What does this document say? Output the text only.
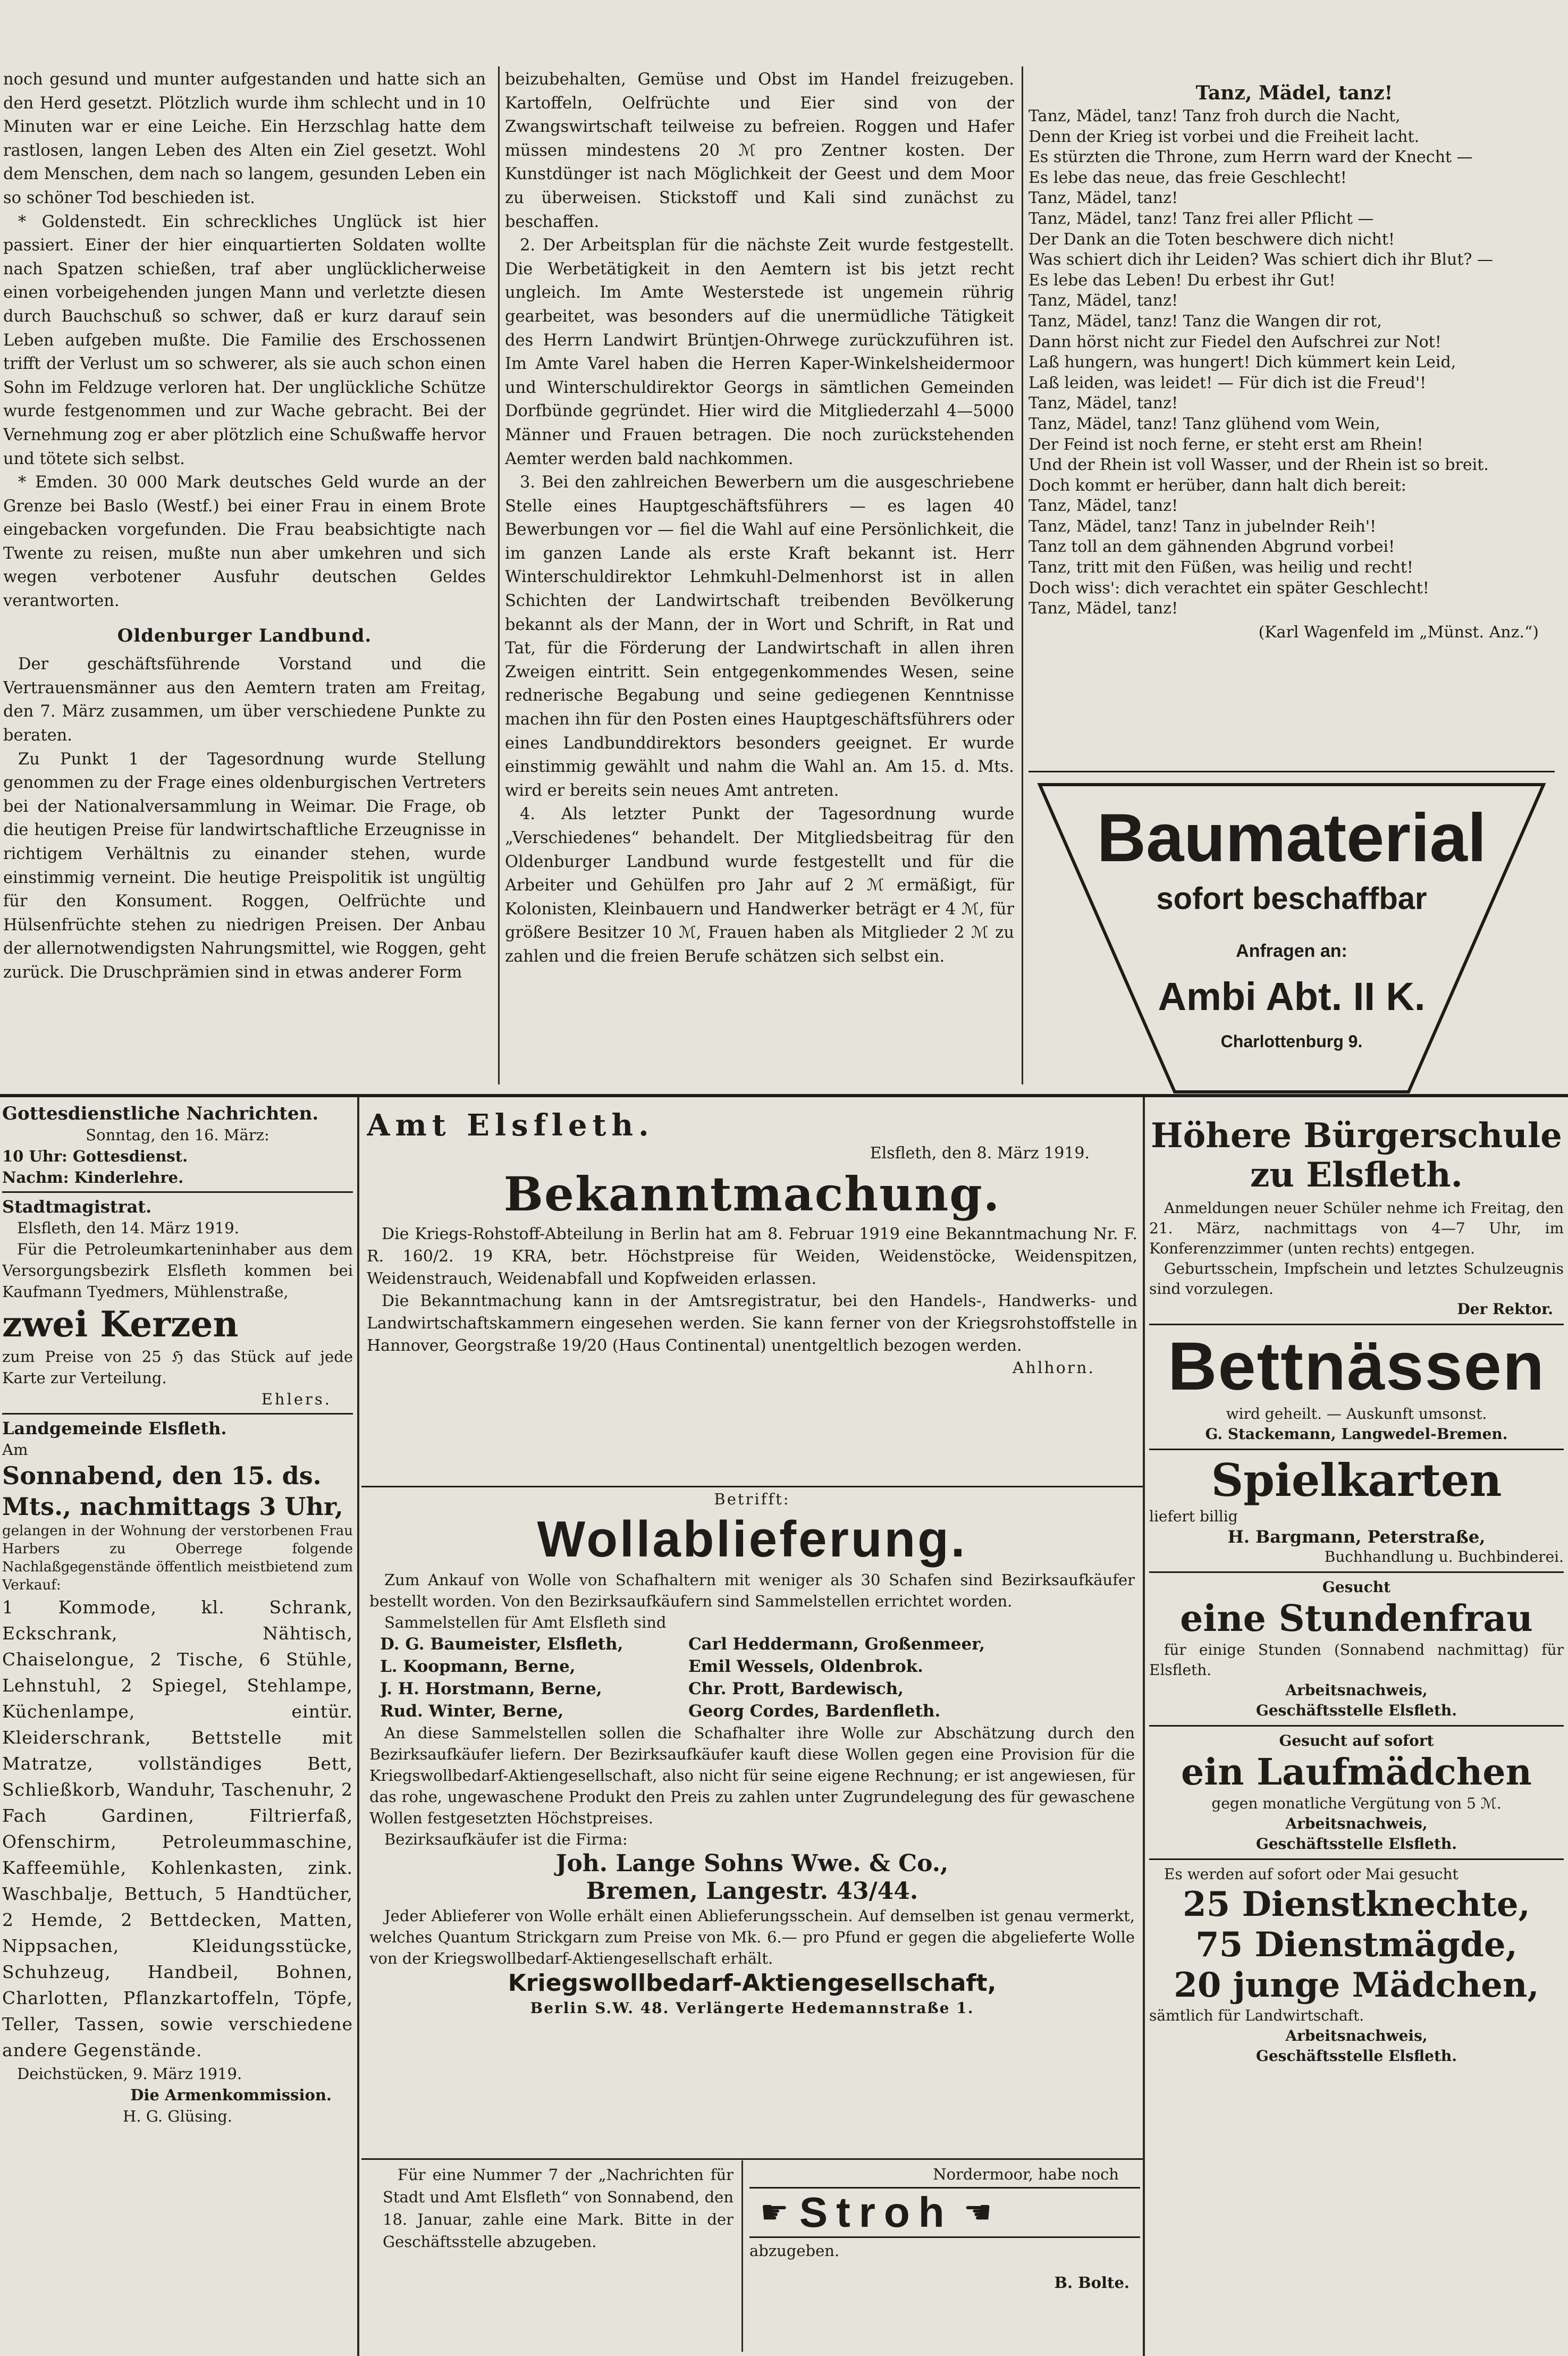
noch gesund und munter aufgestanden und hatte sich an den Herd gesetzt. Plötzlich wurde ihm schlecht und in 10 Minuten war er eine Leiche. Ein Herzschlag hatte dem rastlosen, langen Leben des Alten ein Ziel gesetzt. Wohl dem Menschen, dem nach so langem, gesunden Leben ein so schöner Tod beschieden ist.

* Goldenstedt. Ein schreckliches Unglück ist hier passiert. Einer der hier einquartierten Soldaten wollte nach Spatzen schießen, traf aber unglücklicherweise einen vorbeigehenden jungen Mann und verletzte diesen durch Bauchschuß so schwer, daß er kurz darauf sein Leben aufgeben mußte. Die Familie des Erschossenen trifft der Verlust um so schwerer, als sie auch schon einen Sohn im Feldzuge verloren hat. Der unglückliche Schütze wurde festgenommen und zur Wache gebracht. Bei der Vernehmung zog er aber plötzlich eine Schußwaffe hervor und tötete sich selbst.

* Emden. 30 000 Mark deutsches Geld wurde an der Grenze bei Baslo (Westf.) bei einer Frau in einem Brote eingebacken vorgefunden. Die Frau beabsichtigte nach Twente zu reisen, mußte nun aber umkehren und sich wegen verbotener Ausfuhr deutschen Geldes verantworten.

Oldenburger Landbund.

Der geschäftsführende Vorstand und die Vertrauensmänner aus den Aemtern traten am Freitag, den 7. März zusammen, um über verschiedene Punkte zu beraten.

Zu Punkt 1 der Tagesordnung wurde Stellung genommen zu der Frage eines oldenburgischen Vertreters bei der Nationalversammlung in Weimar. Die Frage, ob die heutigen Preise für landwirtschaftliche Erzeugnisse in richtigem Verhältnis zu einander stehen, wurde einstimmig verneint. Die heutige Preispolitik ist ungültig für den Konsument. Roggen, Oelfrüchte und Hülsenfrüchte stehen zu niedrigen Preisen. Der Anbau der allernotwendigsten Nahrungsmittel, wie Roggen, geht zurück. Die Druschprämien sind in etwas anderer Form

beizubehalten, Gemüse und Obst im Handel freizugeben. Kartoffeln, Oelfrüchte und Eier sind von der Zwangswirtschaft teilweise zu befreien. Roggen und Hafer müssen mindestens 20 ℳ pro Zentner kosten. Der Kunstdünger ist nach Möglichkeit der Geest und dem Moor zu überweisen. Stickstoff und Kali sind zunächst zu beschaffen.

2. Der Arbeitsplan für die nächste Zeit wurde festgestellt. Die Werbetätigkeit in den Aemtern ist bis jetzt recht ungleich. Im Amte Westerstede ist ungemein rührig gearbeitet, was besonders auf die unermüdliche Tätigkeit des Herrn Landwirt Brüntjen-Ohrwege zurückzuführen ist. Im Amte Varel haben die Herren Kaper-Winkelsheidermoor und Winterschuldirektor Georgs in sämtlichen Gemeinden Dorfbünde gegründet. Hier wird die Mitgliederzahl 4—5000 Männer und Frauen betragen. Die noch zurückstehenden Aemter werden bald nachkommen.

3. Bei den zahlreichen Bewerbern um die ausgeschriebene Stelle eines Hauptgeschäftsführers — es lagen 40 Bewerbungen vor — fiel die Wahl auf eine Persönlichkeit, die im ganzen Lande als erste Kraft bekannt ist. Herr Winterschuldirektor Lehmkuhl-Delmenhorst ist in allen Schichten der Landwirtschaft treibenden Bevölkerung bekannt als der Mann, der in Wort und Schrift, in Rat und Tat, für die Förderung der Landwirtschaft in allen ihren Zweigen eintritt. Sein entgegenkommendes Wesen, seine rednerische Begabung und seine gediegenen Kenntnisse machen ihn für den Posten eines Hauptgeschäftsführers oder eines Landbunddirektors besonders geeignet. Er wurde einstimmig gewählt und nahm die Wahl an. Am 15. d. Mts. wird er bereits sein neues Amt antreten.

4. Als letzter Punkt der Tagesordnung wurde „Verschiedenes“ behandelt. Der Mitgliedsbeitrag für den Oldenburger Landbund wurde festgestellt und für die Arbeiter und Gehülfen pro Jahr auf 2 ℳ ermäßigt, für Kolonisten, Kleinbauern und Handwerker beträgt er 4 ℳ, für größere Besitzer 10 ℳ, Frauen haben als Mitglieder 2 ℳ zu zahlen und die freien Berufe schätzen sich selbst ein.

Tanz, Mädel, tanz!
Tanz, Mädel, tanz! Tanz froh durch die Nacht,
Denn der Krieg ist vorbei und die Freiheit lacht.
Es stürzten die Throne, zum Herrn ward der Knecht —
Es lebe das neue, das freie Geschlecht!
Tanz, Mädel, tanz!
Tanz, Mädel, tanz! Tanz frei aller Pflicht —
Der Dank an die Toten beschwere dich nicht!
Was schiert dich ihr Leiden? Was schiert dich ihr Blut? —
Es lebe das Leben! Du erbest ihr Gut!
Tanz, Mädel, tanz!
Tanz, Mädel, tanz! Tanz die Wangen dir rot,
Dann hörst nicht zur Fiedel den Aufschrei zur Not!
Laß hungern, was hungert! Dich kümmert kein Leid,
Laß leiden, was leidet! — Für dich ist die Freud'!
Tanz, Mädel, tanz!
Tanz, Mädel, tanz! Tanz glühend vom Wein,
Der Feind ist noch ferne, er steht erst am Rhein!
Und der Rhein ist voll Wasser, und der Rhein ist so breit.
Doch kommt er herüber, dann halt dich bereit:
Tanz, Mädel, tanz!
Tanz, Mädel, tanz! Tanz in jubelnder Reih'!
Tanz toll an dem gähnenden Abgrund vorbei!
Tanz, tritt mit den Füßen, was heilig und recht!
Doch wiss': dich verachtet ein später Geschlecht!
Tanz, Mädel, tanz!
(Karl Wagenfeld im „Münst. Anz.“)
Baumaterial
sofort beschaffbar
Anfragen an:
Ambi Abt. II K.
Charlottenburg 9.
Gottesdienstliche Nachrichten.
Sonntag, den 16. März:
10 Uhr: Gottesdienst.
Nachm: Kinderlehre.
Stadtmagistrat.
Elsfleth, den 14. März 1919.

Für die Petroleumkarteninhaber aus dem Versorgungsbezirk Elsfleth kommen bei Kaufmann Tyedmers, Mühlenstraße,

zwei Kerzen

zum Preise von 25 ℌ das Stück auf jede Karte zur Verteilung.

Ehlers.
Landgemeinde Elsfleth.
Am
Sonnabend, den 15. ds. Mts., nachmittags 3 Uhr,

gelangen in der Wohnung der verstorbenen Frau Harbers zu Oberrege folgende Nachlaßgegenstände öffentlich meistbietend zum Verkauf:

1 Kommode, kl. Schrank, Eckschrank, Nähtisch, Chaiselongue, 2 Tische, 6 Stühle, Lehnstuhl, 2 Spiegel, Stehlampe, Küchenlampe, eintür. Kleiderschrank, Bettstelle mit Matratze, vollständiges Bett, Schließkorb, Wanduhr, Taschenuhr, 2 Fach Gardinen, Filtrierfaß, Ofenschirm, Petroleummaschine, Kaffeemühle, Kohlenkasten, zink. Waschbalje, Bettuch, 5 Handtücher, 2 Hemde, 2 Bettdecken, Matten, Nippsachen, Kleidungsstücke, Schuhzeug, Handbeil, Bohnen, Charlotten, Pflanzkartoffeln, Töpfe, Teller, Tassen, sowie verschiedene andere Gegenstände.

Deichstücken, 9. März 1919.
Die Armenkommission.
H. G. Glüsing.
Amt Elsfleth.
Elsfleth, den 8. März 1919.
Bekanntmachung.

Die Kriegs-Rohstoff-Abteilung in Berlin hat am 8. Februar 1919 eine Bekanntmachung Nr. F. R. 160/2. 19 KRA, betr. Höchstpreise für Weiden, Weidenstöcke, Weidenspitzen, Weidenstrauch, Weidenabfall und Kopfweiden erlassen.

Die Bekanntmachung kann in der Amtsregistratur, bei den Handels-, Handwerks- und Landwirtschaftskammern eingesehen werden. Sie kann ferner von der Kriegsrohstoffstelle in Hannover, Georgstraße 19/20 (Haus Continental) unentgeltlich bezogen werden.

Ahlhorn.
Betrifft:
Wollablieferung.

Zum Ankauf von Wolle von Schafhaltern mit weniger als 30 Schafen sind Bezirksaufkäufer bestellt worden. Von den Bezirksaufkäufern sind Sammelstellen errichtet worden.

Sammelstellen für Amt Elsfleth sind
D. G. Baumeister, Elsfleth,
L. Koopmann, Berne,
J. H. Horstmann, Berne,
Rud. Winter, Berne,
Carl Heddermann, Großenmeer,
Emil Wessels, Oldenbrok.
Chr. Prott, Bardewisch,
Georg Cordes, Bardenfleth.

An diese Sammelstellen sollen die Schafhalter ihre Wolle zur Abschätzung durch den Bezirksaufkäufer liefern. Der Bezirksaufkäufer kauft diese Wollen gegen eine Provision für die Kriegswollbedarf-Aktiengesellschaft, also nicht für seine eigene Rechnung; er ist angewiesen, für das rohe, ungewaschene Produkt den Preis zu zahlen unter Zugrundelegung des für gewaschene Wollen festgesetzten Höchstpreises.

Bezirksaufkäufer ist die Firma:
Joh. Lange Sohns Wwe. & Co.,
Bremen, Langestr. 43/44.

Jeder Ablieferer von Wolle erhält einen Ablieferungsschein. Auf demselben ist genau vermerkt, welches Quantum Strickgarn zum Preise von Mk. 6.— pro Pfund er gegen die abgelieferte Wolle von der Kriegswollbedarf-Aktiengesellschaft erhält.

Kriegswollbedarf-Aktiengesellschaft,
Berlin S.W. 48. Verlängerte Hedemannstraße 1.

Für eine Nummer 7 der „Nachrichten für Stadt und Amt Elsfleth“ von Sonnabend, den 18. Januar, zahle eine Mark. Bitte in der Geschäftsstelle abzugeben.

Nordermoor, habe noch
☛ Stroh ☚
abzugeben.
B. Bolte.
Höhere Bürgerschule
zu Elsfleth.

Anmeldungen neuer Schüler nehme ich Freitag, den 21. März, nachmittags von 4—7 Uhr, im Konferenzzimmer (unten rechts) entgegen.

Geburtsschein, Impfschein und letztes Schulzeugnis sind vorzulegen.

Der Rektor.
Bettnässen
wird geheilt. — Auskunft umsonst.
G. Stackemann, Langwedel-Bremen.
Spielkarten
liefert billig
H. Bargmann, Peterstraße,
Buchhandlung u. Buchbinderei.
Gesucht
eine Stundenfrau

für einige Stunden (Sonnabend nachmittag) für Elsfleth.

Arbeitsnachweis,
Geschäftsstelle Elsfleth.
Gesucht auf sofort
ein Laufmädchen
gegen monatliche Vergütung von 5 ℳ.
Arbeitsnachweis,
Geschäftsstelle Elsfleth.

Es werden auf sofort oder Mai gesucht

25 Dienstknechte,
75 Dienstmägde,
20 junge Mädchen,
sämtlich für Landwirtschaft.
Arbeitsnachweis,
Geschäftsstelle Elsfleth.
